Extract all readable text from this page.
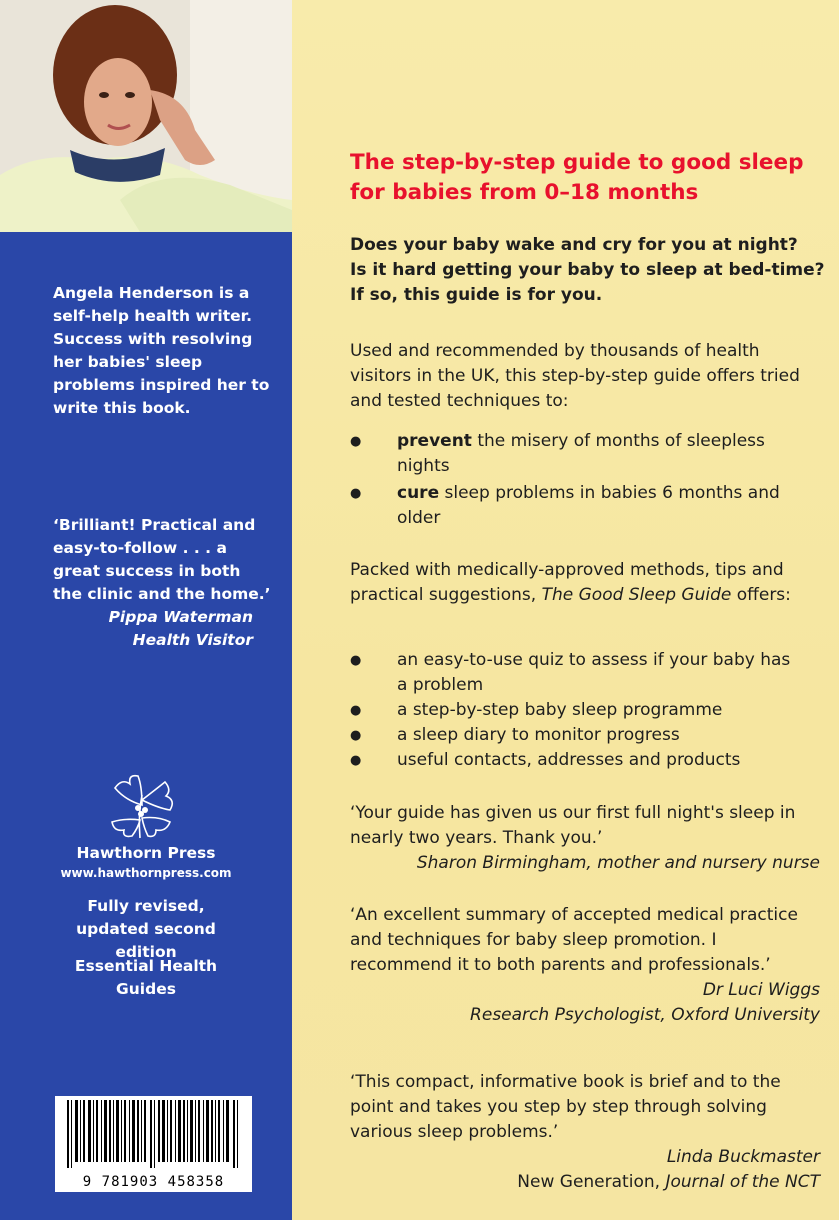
Angela Henderson is a self-help health writer. Success with resolving her babies' sleep problems inspired her to write this book.
‘Brilliant! Practical and easy-to-follow . . . a great success in both the clinic and the home.’
Pippa Waterman
Health Visitor
Hawthorn Press
www.hawthornpress.com
Fully revised, updated second edition
Essential Health Guides
9 781903 458358
The step-by-step guide to good sleep for babies from 0–18 months
Does your baby wake and cry for you at night?
Is it hard getting your baby to sleep at bed-time?
If so, this guide is for you.
Used and recommended by thousands of health visitors in the UK, this step-by-step guide offers tried and tested techniques to:
● prevent the misery of months of sleepless nights
● cure sleep problems in babies 6 months and older
Packed with medically-approved methods, tips and practical suggestions, The Good Sleep Guide offers:
● an easy-to-use quiz to assess if your baby has a problem
● a step-by-step baby sleep programme
● a sleep diary to monitor progress
● useful contacts, addresses and products
‘Your guide has given us our first full night's sleep in nearly two years. Thank you.’
Sharon Birmingham, mother and nursery nurse
‘An excellent summary of accepted medical practice and techniques for baby sleep promotion. I recommend it to both parents and professionals.’
Dr Luci Wiggs
Research Psychologist, Oxford University
‘This compact, informative book is brief and to the point and takes you step by step through solving various sleep problems.’
Linda Buckmaster
New Generation, Journal of the NCT
